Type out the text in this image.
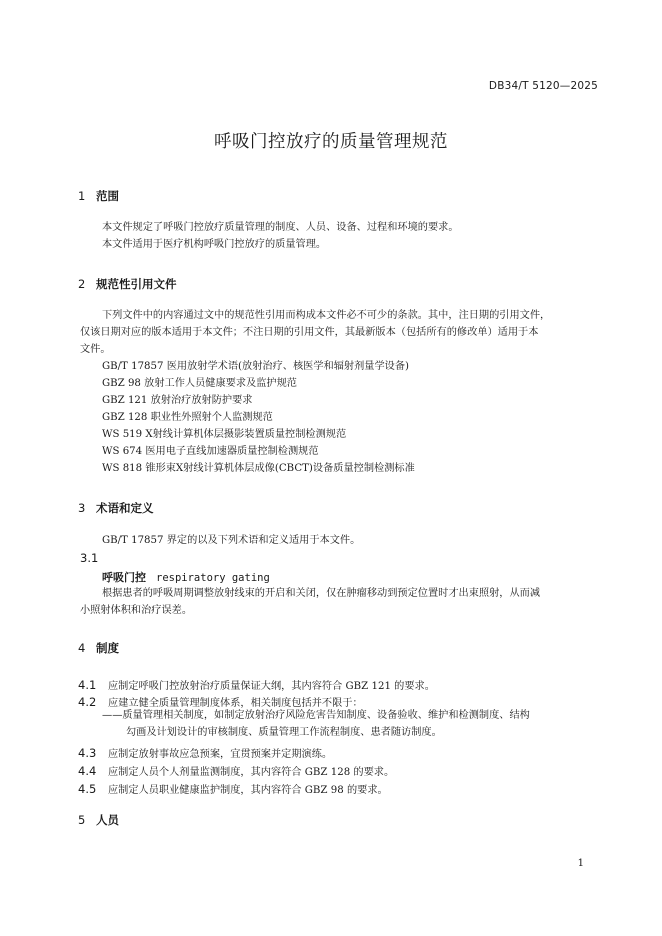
DB34/T 5120—2025
呼吸门控放疗的质量管理规范
1 范围
本文件规定了呼吸门控放疗质量管理的制度、人员、设备、过程和环境的要求。
本文件适用于医疗机构呼吸门控放疗的质量管理。
2 规范性引用文件
下列文件中的内容通过文中的规范性引用而构成本文件必不可少的条款。其中，注日期的引用文件，
仅该日期对应的版本适用于本文件；不注日期的引用文件，其最新版本（包括所有的修改单）适用于本
文件。
GB/T 17857 医用放射学术语(放射治疗、核医学和辐射剂量学设备)
GBZ 98 放射工作人员健康要求及监护规范
GBZ 121 放射治疗放射防护要求
GBZ 128 职业性外照射个人监测规范
WS 519 X射线计算机体层摄影装置质量控制检测规范
WS 674 医用电子直线加速器质量控制检测规范
WS 818 锥形束X射线计算机体层成像(CBCT)设备质量控制检测标准
3 术语和定义
GB/T 17857 界定的以及下列术语和定义适用于本文件。
3.1
呼吸门控 respiratory gating
根据患者的呼吸周期调整放射线束的开启和关闭，仅在肿瘤移动到预定位置时才出束照射，从而减
小照射体积和治疗误差。
4 制度
4.1 应制定呼吸门控放射治疗质量保证大纲，其内容符合 GBZ 121 的要求。
4.2 应建立健全质量管理制度体系，相关制度包括并不限于：
——质量管理相关制度，如制定放射治疗风险危害告知制度、设备验收、维护和检测制度、结构
勾画及计划设计的审核制度、质量管理工作流程制度、患者随访制度。
4.3 应制定放射事故应急预案，宜贯预案并定期演练。
4.4 应制定人员个人剂量监测制度，其内容符合 GBZ 128 的要求。
4.5 应制定人员职业健康监护制度，其内容符合 GBZ 98 的要求。
5 人员
1
